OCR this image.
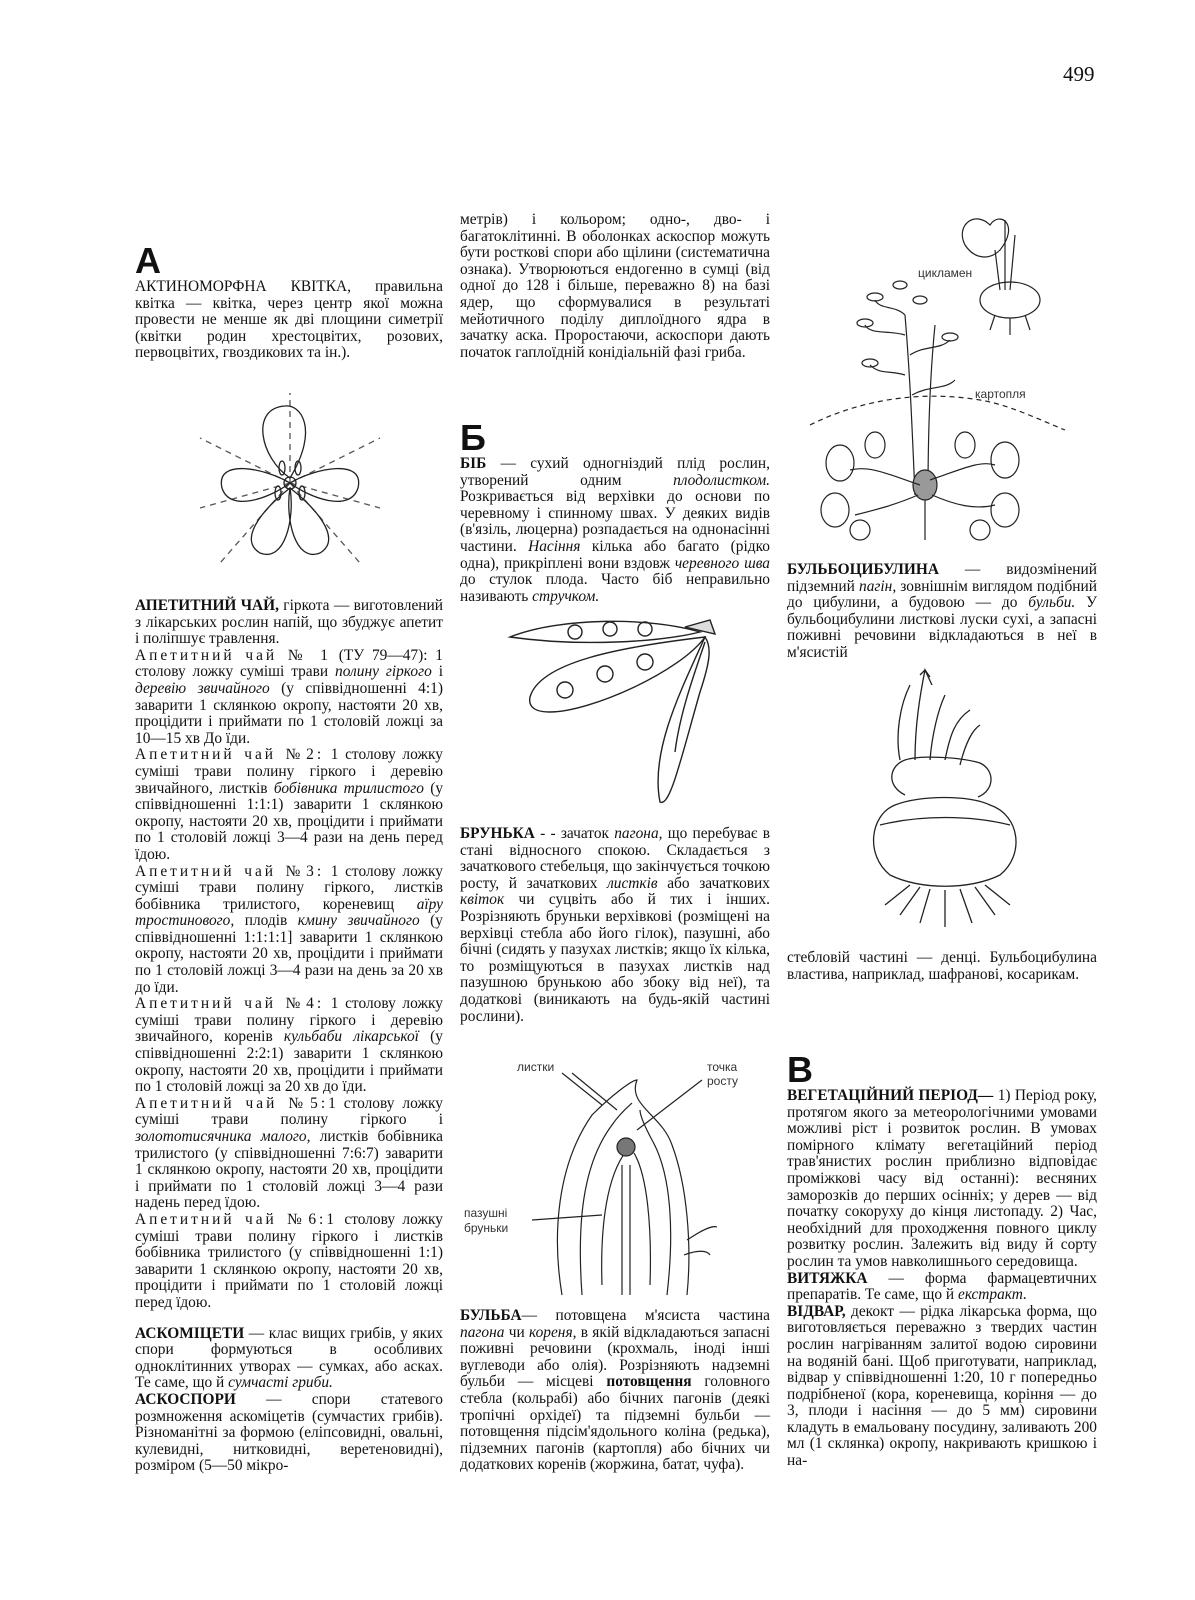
499

А

АКТИНОМОРФНА КВІТКА, правильна квітка — квітка, через центр якої можна провести не менше як дві площини симетрії (квітки родин хрестоцвітих, розових, первоцвітих, гвоздикових та ін.).

АПЕТИТНИЙ ЧАЙ, гіркота — виготовлений з лікарських рослин напій, що збуджує апетит і поліпшує травлення.

Апетитний чай № 1 (ТУ 79—47): 1 столову ложку суміші трави полину гіркого і деревію звичайного (у співвідношенні 4:1) заварити 1 склянкою окропу, настояти 20 хв, процідити і приймати по 1 столовій ложці за 10—15 хв До їди.

Апетитний чай №2: 1 столову ложку суміші трави полину гіркого і деревію звичайного, листків бобівника трилистого (у співвідношенні 1:1:1) заварити 1 склянкою окропу, настояти 20 хв, процідити і приймати по 1 столовій ложці 3—4 рази на день перед їдою.

Апетитний чай №3: 1 столову ложку суміші трави полину гіркого, листків бобівника трилистого, кореневищ аїру тростинового, плодів кмину звичайного (у співвідношенні 1:1:1:1] заварити 1 склянкою окропу, настояти 20 хв, процідити і приймати по 1 столовій ложці 3—4 рази на день за 20 хв до їди.

Апетитний чай №4: 1 столову ложку суміші трави полину гіркого і деревію звичайного, коренів кульбаби лікарської (у співвідношенні 2:2:1) заварити 1 склянкою окропу, настояти 20 хв, процідити і приймати по 1 столовій ложці за 20 хв до їди.

Апетитний чай №5:1 столову ложку суміші трави полину гіркого і золототисячника малого, листків бобівника трилистого (у співвідношенні 7:6:7) заварити 1 склянкою окропу, настояти 20 хв, процідити і приймати по 1 столовій ложці 3—4 рази надень перед їдою.

Апетитний чай №6:1 столову ложку суміші трави полину гіркого і листків бобівника трилистого (у співвідношенні 1:1) заварити 1 склянкою окропу, настояти 20 хв, процідити і приймати по 1 столовій ложці перед їдою.

АСКОМІЦЕТИ — клас вищих грибів, у яких спори формуються в особливих одноклітинних утворах — сумках, або асках. Те саме, що й сумчасті гриби.

АСКОСПОРИ — спори статевого розмноження аскоміцетів (сумчастих грибів). Різноманітні за формою (еліпсовидні, овальні, кулевидні, нитковидні, веретеновидні), розміром (5—50 мікро-

метрів) і кольором; одно-, дво- і багатоклітинні. В оболонках аскоспор можуть бути росткові спори або щілини (систематична ознака). Утворюються ендогенно в сумці (від одної до 128 і більше, переважно 8) на базі ядер, що сформувалися в результаті мейотичного поділу диплоїдного ядра в зачатку аска. Проростаючи, аскоспори дають початок гаплоїдній конідіальній фазі гриба.

Б

БІБ — сухий одногніздий плід рослин, утворений одним плодолистком. Розкривається від верхівки до основи по черевному і спинному швах. У деяких видів (в'язіль, люцерна) розпадається на однонасінні частини. Насіння кілька або багато (рідко одна), прикріплені вони вздовж черевного шва до стулок плода. Часто біб неправильно називають стручком.

БРУНЬКА - - зачаток пагона, що перебуває в стані відносного спокою. Складається з зачаткового стебельця, що закінчується точкою росту, й зачаткових листків або зачаткових квіток чи суцвіть або й тих і інших. Розрізняють бруньки верхівкові (розміщені на верхівці стебла або його гілок), пазушні, або бічні (сидять у пазухах листків; якщо їх кілька, то розміщуються в пазухах листків над пазушною брунькою або збоку від неї), та додаткові (виникають на будь-якій частині рослини).

листки	точка
росту
пазушні
бруньки

БУЛЬБА— потовщена м'ясиста частина пагона чи кореня, в якій відкладаються запасні поживні речовини (крохмаль, іноді інші вуглеводи або олія). Розрізняють надземні бульби — місцеві потовщення головного стебла (кольрабі) або бічних пагонів (деякі тропічні орхідеї) та підземні бульби — потовщення підсім'ядольного коліна (редька), підземних пагонів (картопля) або бічних чи додаткових коренів (жоржина, батат, чуфа).

цикламен
картопля

БУЛЬБОЦИБУЛИНА — видозмінений підземний пагін, зовнішнім виглядом подібний до цибулини, а будовою — до бульби. У бульбоцибулини листкові луски сухі, а запасні поживні речовини відкладаються в неї в м'ясистій

стебловій частині — денці. Бульбоцибулина властива, наприклад, шафранові, косарикам.

В

ВЕГЕТАЦІЙНИЙ ПЕРІОД— 1) Період року, протягом якого за метеорологічними умовами можливі ріст і розвиток рослин. В умовах помірного клімату вегетаційний період трав'янистих рослин приблизно відповідає проміжкові часу від останні): весняних заморозків до перших осінніх; у дерев — від початку сокоруху до кінця листопаду. 2) Час, необхідний для проходження повного циклу розвитку рослин. Залежить від виду й сорту рослин та умов навколишнього середовища.

ВИТЯЖКА — форма фармацевтичних препаратів. Те саме, що й екстракт.

ВІДВАР, декокт — рідка лікарська форма, що виготовляється переважно з твердих частин рослин нагріванням залитої водою сировини на водяній бані. Щоб приготувати, наприклад, відвар у співвідношенні 1:20, 10 г попередньо подрібненої (кора, кореневища, коріння — до 3, плоди і насіння — до 5 мм) сировини кладуть в емальовану посудину, заливають 200 мл (1 склянка) окропу, накривають кришкою і на-
